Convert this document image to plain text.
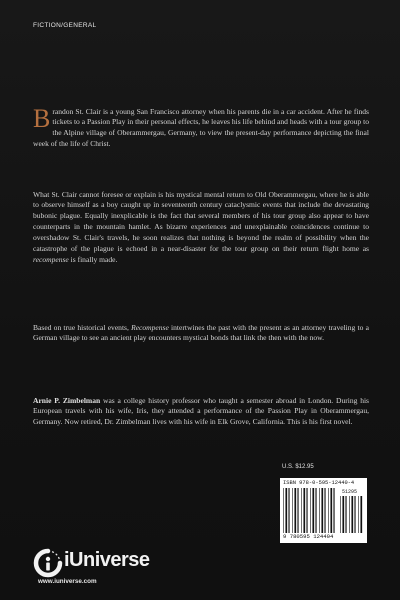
FICTION/GENERAL

Brandon St. Clair is a young San Francisco attorney when his parents die in a car accident. After he finds tickets to a Passion Play in their personal effects, he leaves his life behind and heads with a tour group to the Alpine village of Oberammergau, Germany, to view the present-day performance depicting the final week of the life of Christ.

What St. Clair cannot foresee or explain is his mystical mental return to Old Oberammergau, where he is able to observe himself as a boy caught up in seventeenth century cataclysmic events that include the devastating bubonic plague. Equally inexplicable is the fact that several members of his tour group also appear to have counterparts in the mountain hamlet. As bizarre experiences and unexplainable coincidences continue to overshadow St. Clair's travels, he soon realizes that nothing is beyond the realm of possibility when the catastrophe of the plague is echoed in a near-disaster for the tour group on their return flight home as recompense is finally made.

Based on true historical events, Recompense intertwines the past with the present as an attorney traveling to a German village to see an ancient play encounters mystical bonds that link the then with the now.

Arnie P. Zimbelman was a college history professor who taught a semester abroad in London. During his European travels with his wife, Iris, they attended a performance of the Passion Play in Oberammergau, Germany. Now retired, Dr. Zimbelman lives with his wife in Elk Grove, California. This is his first novel.

U.S. $12.95
ISBN 978-0-595-12440-4
51295
9 780595 124404
iUniverse
www.iuniverse.com
